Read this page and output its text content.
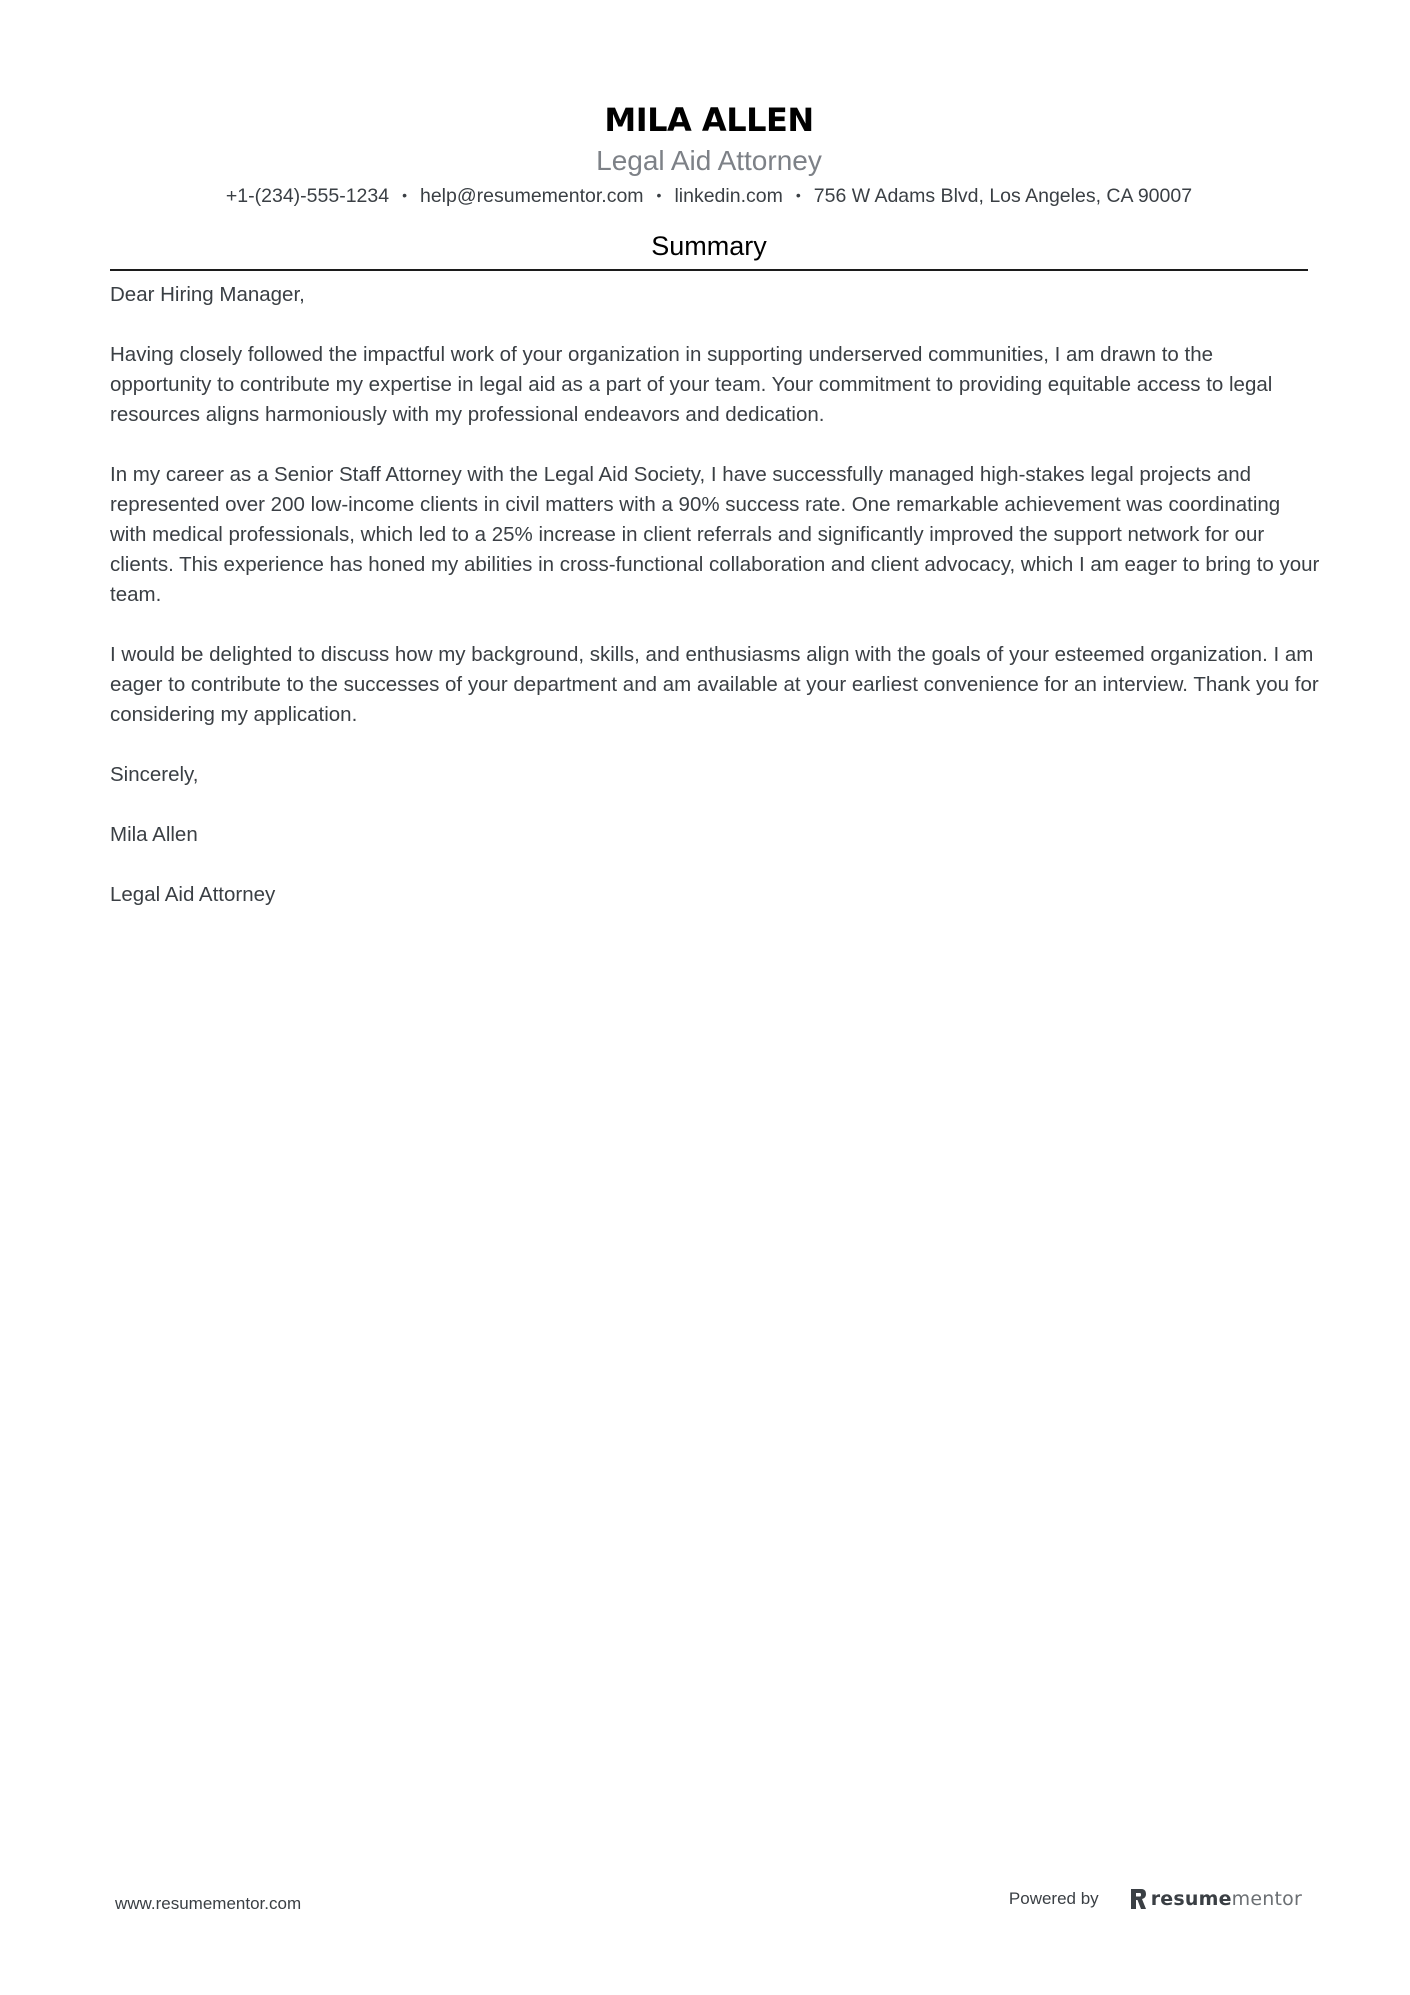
MILA ALLEN
Legal Aid Attorney
+1-(234)-555-1234 • help@resumementor.com • linkedin.com • 756 W Adams Blvd, Los Angeles, CA 90007
Summary

Dear Hiring Manager,

Having closely followed the impactful work of your organization in supporting underserved communities, I am drawn to the opportunity to contribute my expertise in legal aid as a part of your team. Your commitment to providing equitable access to legal resources aligns harmoniously with my professional endeavors and dedication.

In my career as a Senior Staff Attorney with the Legal Aid Society, I have successfully managed high-stakes legal projects and represented over 200 low-income clients in civil matters with a 90% success rate. One remarkable achievement was coordinating with medical professionals, which led to a 25% increase in client referrals and significantly improved the support network for our clients. This experience has honed my abilities in cross-functional collaboration and client advocacy, which I am eager to bring to your team.

I would be delighted to discuss how my background, skills, and enthusiasms align with the goals of your esteemed organization. I am eager to contribute to the successes of your department and am available at your earliest convenience for an interview. Thank you for considering my application.

Sincerely,

Mila Allen

Legal Aid Attorney

www.resumementor.com	Powered by	resumementor
